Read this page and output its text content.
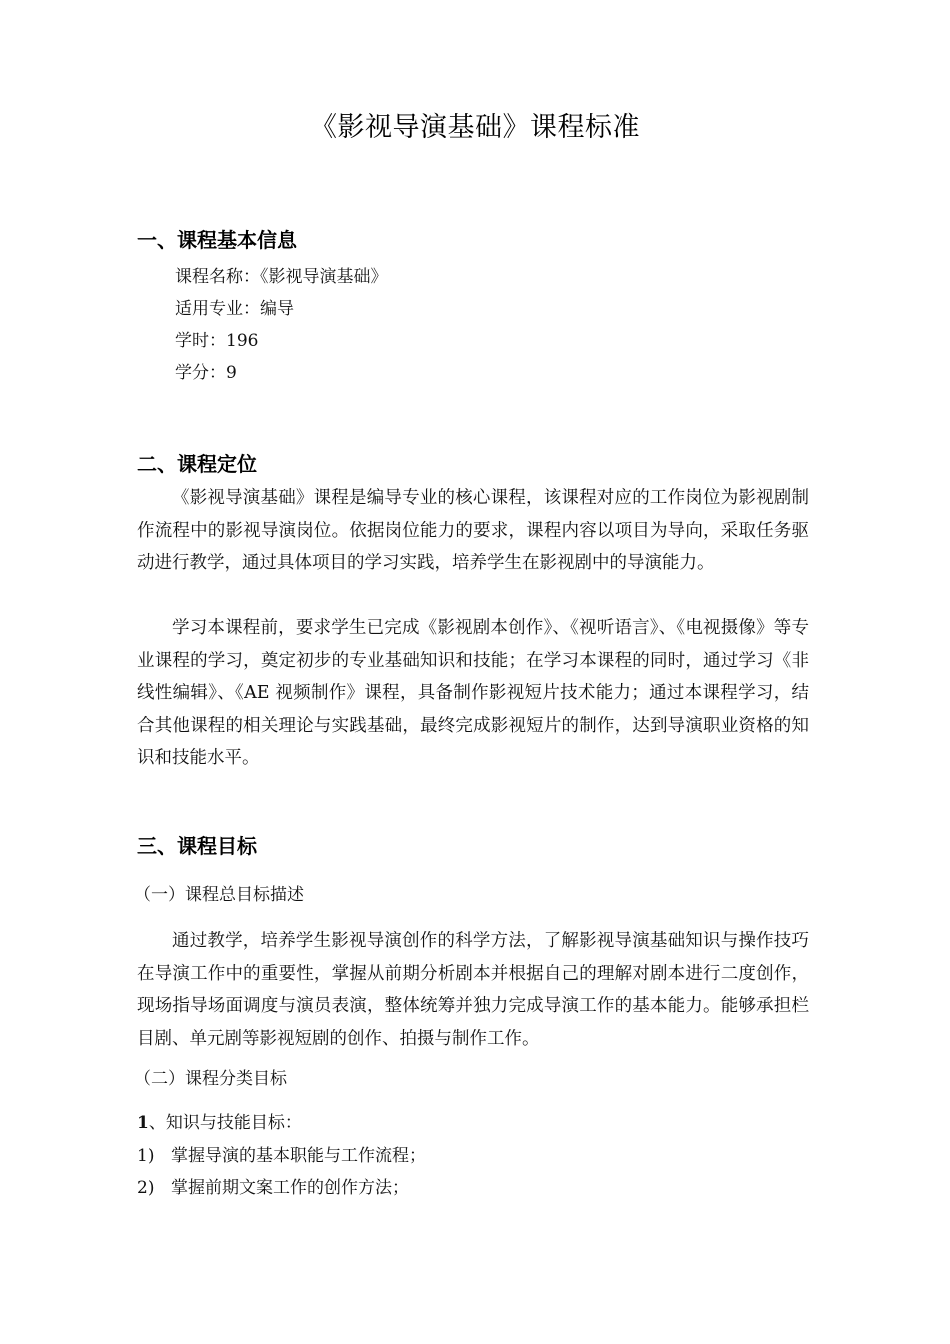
《影视导演基础》课程标准
一、课程基本信息
课程名称：《影视导演基础》
适用专业：编导
学时：196
学分：9
二、课程定位

《影视导演基础》课程是编导专业的核心课程，该课程对应的工作岗位为影视剧制作流程中的影视导演岗位。依据岗位能力的要求，课程内容以项目为导向，采取任务驱动进行教学，通过具体项目的学习实践，培养学生在影视剧中的导演能力。

学习本课程前，要求学生已完成《影视剧本创作》、《视听语言》、《电视摄像》等专业课程的学习，奠定初步的专业基础知识和技能；在学习本课程的同时，通过学习《非线性编辑》、《AE 视频制作》课程，具备制作影视短片技术能力；通过本课程学习，结合其他课程的相关理论与实践基础，最终完成影视短片的制作，达到导演职业资格的知识和技能水平。

三、课程目标
（一）课程总目标描述

通过教学，培养学生影视导演创作的科学方法，了解影视导演基础知识与操作技巧在导演工作中的重要性，掌握从前期分析剧本并根据自己的理解对剧本进行二度创作，现场指导场面调度与演员表演，整体统筹并独力完成导演工作的基本能力。能够承担栏目剧、单元剧等影视短剧的创作、拍摄与制作工作。

（二）课程分类目标
1、知识与技能目标：
1) 掌握导演的基本职能与工作流程；
2) 掌握前期文案工作的创作方法；
